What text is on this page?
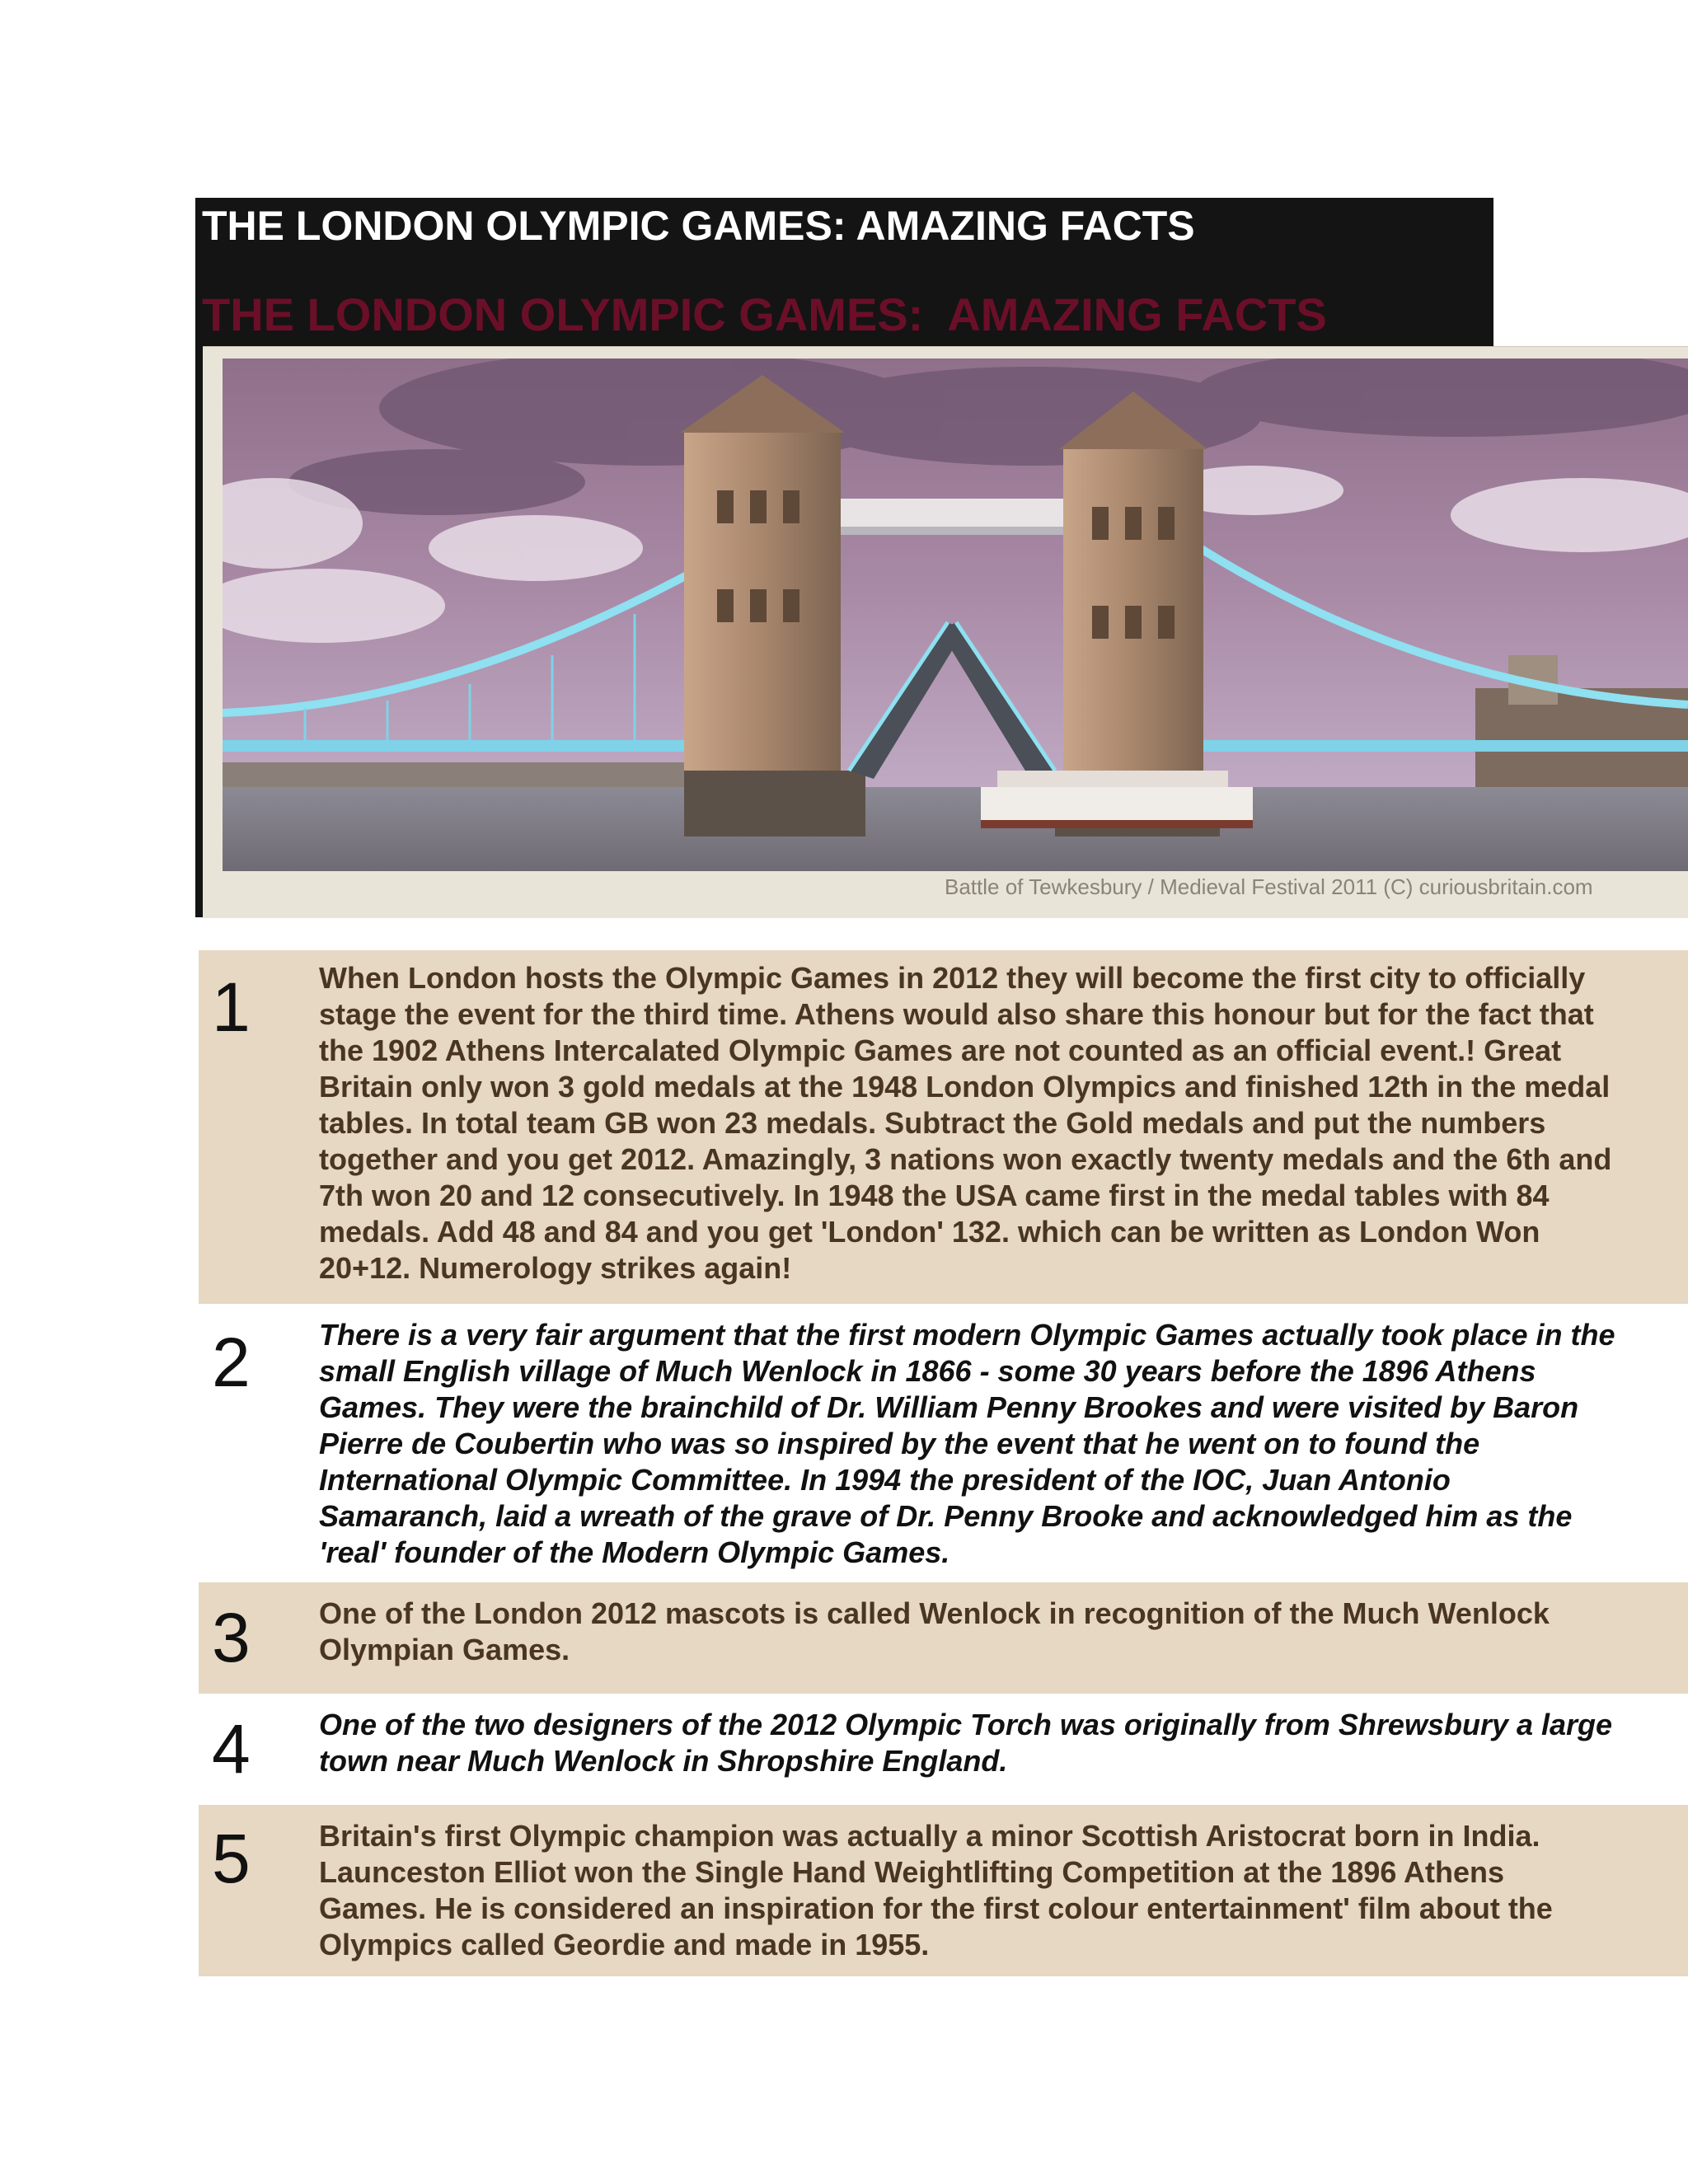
THE LONDON OLYMPIC GAMES: AMAZING FACTS
THE LONDON OLYMPIC GAMES:  AMAZING FACTS
Battle of Tewkesbury / Medieval Festival 2011 (C) curiousbritain.com
1 When London hosts the Olympic Games in 2012 they will become the first city to officially
stage the event for the third time. Athens would also share this honour but for the fact that
the 1902 Athens Intercalated Olympic Games are not counted as an official event.! Great
Britain only won 3 gold medals at the 1948 London Olympics and finished 12th in the medal
tables. In total team GB won 23 medals. Subtract the Gold medals and put the numbers
together and you get 2012. Amazingly, 3 nations won exactly twenty medals and the 6th and
7th won 20 and 12 consecutively. In 1948 the USA came first in the medal tables with 84
medals. Add 48 and 84 and you get 'London' 132. which can be written as London Won
20+12. Numerology strikes again!

2 There is a very fair argument that the first modern Olympic Games actually took place in the
small English village of Much Wenlock in 1866 - some 30 years before the 1896 Athens
Games. They were the brainchild of Dr. William Penny Brookes and were visited by Baron
Pierre de Coubertin who was so inspired by the event that he went on to found the
International Olympic Committee. In 1994 the president of the IOC, Juan Antonio
Samaranch, laid a wreath of the grave of Dr. Penny Brooke and acknowledged him as the
'real' founder of the Modern Olympic Games.

3 One of the London 2012 mascots is called Wenlock in recognition of the Much Wenlock
Olympian Games.

4 One of the two designers of the 2012 Olympic Torch was originally from Shrewsbury a large
town near Much Wenlock in Shropshire England.

5 Britain's first Olympic champion was actually a minor Scottish Aristocrat born in India.
Launceston Elliot won the Single Hand Weightlifting Competition at the 1896 Athens
Games. He is considered an inspiration for the first colour entertainment' film about the
Olympics called Geordie and made in 1955.
